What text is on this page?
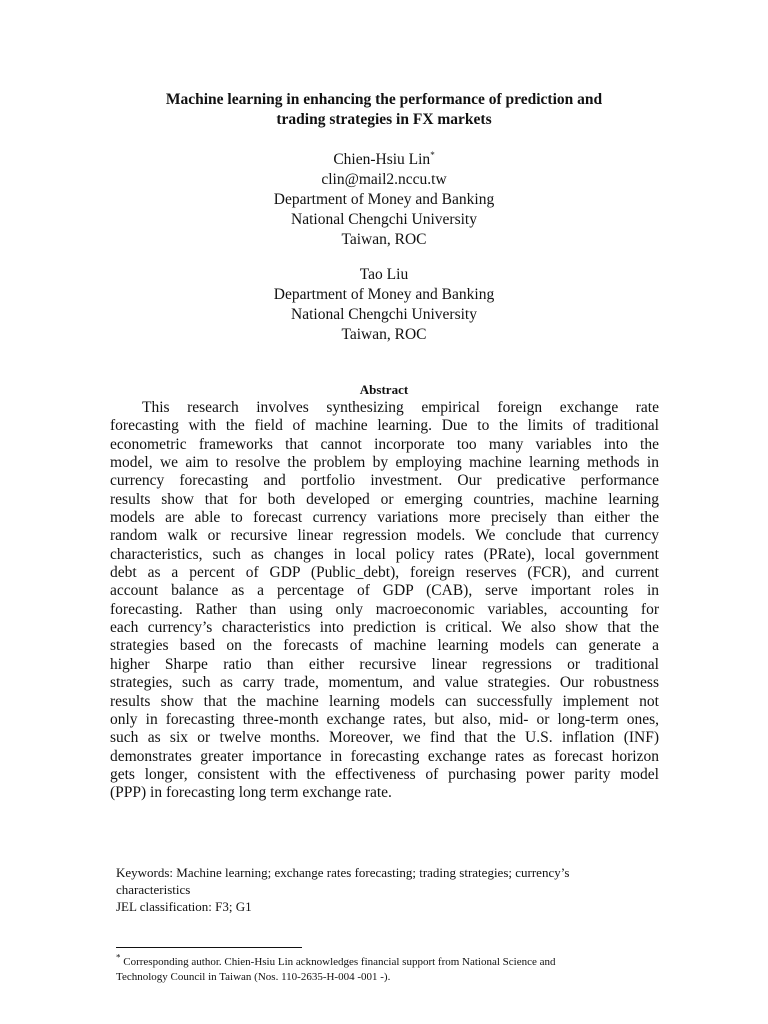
Machine learning in enhancing the performance of prediction and
trading strategies in FX markets
Chien-Hsiu Lin*
clin@mail2.nccu.tw
Department of Money and Banking
National Chengchi University
Taiwan, ROC
Tao Liu
Department of Money and Banking
National Chengchi University
Taiwan, ROC
Abstract
This research involves synthesizing empirical foreign exchange rate
forecasting with the field of machine learning. Due to the limits of traditional
econometric frameworks that cannot incorporate too many variables into the
model, we aim to resolve the problem by employing machine learning methods in
currency forecasting and portfolio investment. Our predicative performance
results show that for both developed or emerging countries, machine learning
models are able to forecast currency variations more precisely than either the
random walk or recursive linear regression models. We conclude that currency
characteristics, such as changes in local policy rates (PRate), local government
debt as a percent of GDP (Public_debt), foreign reserves (FCR), and current
account balance as a percentage of GDP (CAB), serve important roles in
forecasting. Rather than using only macroeconomic variables, accounting for
each currency’s characteristics into prediction is critical. We also show that the
strategies based on the forecasts of machine learning models can generate a
higher Sharpe ratio than either recursive linear regressions or traditional
strategies, such as carry trade, momentum, and value strategies. Our robustness
results show that the machine learning models can successfully implement not
only in forecasting three-month exchange rates, but also, mid- or long-term ones,
such as six or twelve months. Moreover, we find that the U.S. inflation (INF)
demonstrates greater importance in forecasting exchange rates as forecast horizon
gets longer, consistent with the effectiveness of purchasing power parity model
(PPP) in forecasting long term exchange rate.
Keywords: Machine learning; exchange rates forecasting; trading strategies; currency’s
characteristics
JEL classification: F3; G1
* Corresponding author. Chien-Hsiu Lin acknowledges financial support from National Science and
Technology Council in Taiwan (Nos. 110-2635-H-004 -001 -).
